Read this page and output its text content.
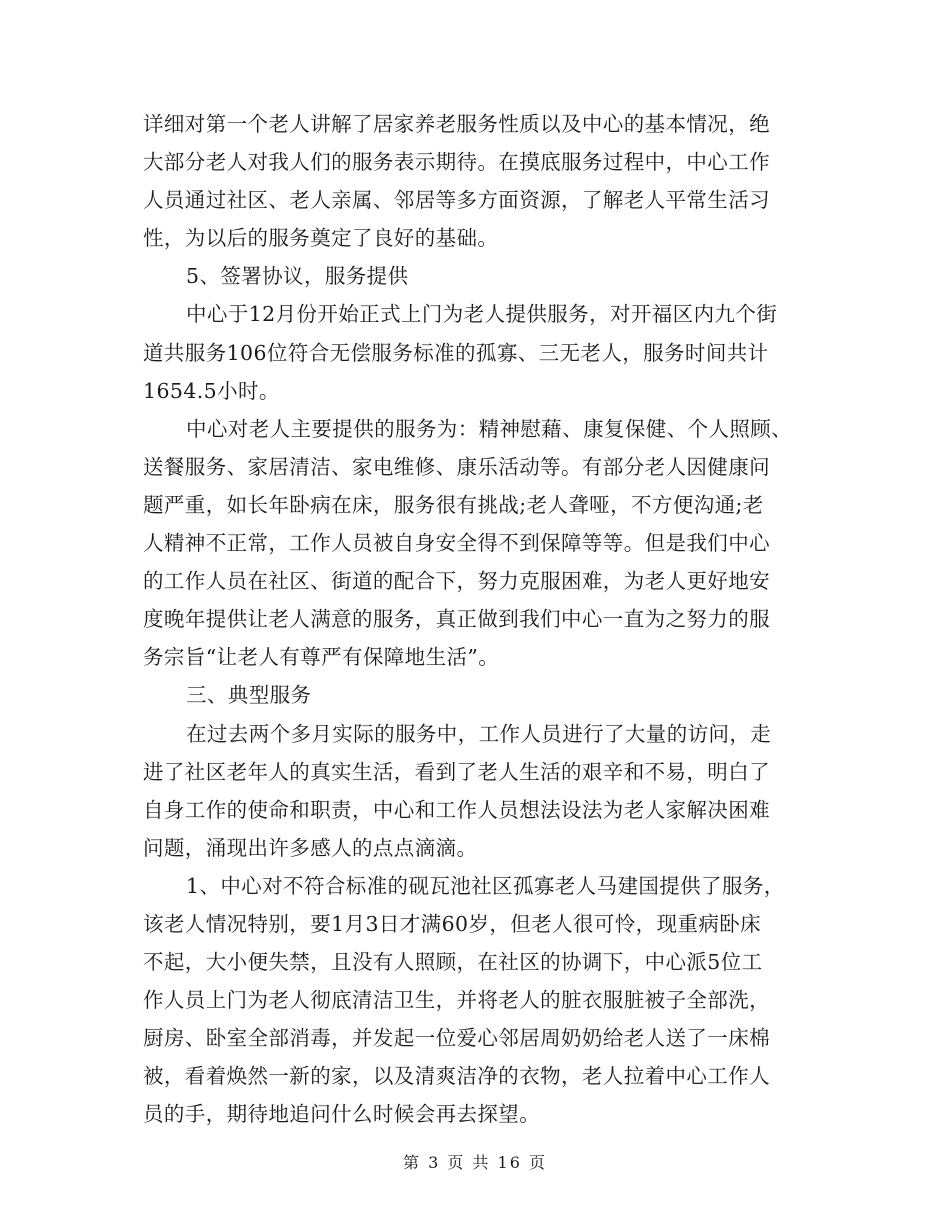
详细对第一个老人讲解了居家养老服务性质以及中心的基本情况，绝
大部分老人对我人们的服务表示期待。在摸底服务过程中，中心工作
人员通过社区、老人亲属、邻居等多方面资源，了解老人平常生活习
性，为以后的服务奠定了良好的基础。
5、签署协议，服务提供
中心于12月份开始正式上门为老人提供服务，对开福区内九个街
道共服务106位符合无偿服务标准的孤寡、三无老人，服务时间共计
1654.5小时。
中心对老人主要提供的服务为：精神慰藉、康复保健、个人照顾、
送餐服务、家居清洁、家电维修、康乐活动等。有部分老人因健康问
题严重，如长年卧病在床，服务很有挑战;老人聋哑，不方便沟通;老
人精神不正常，工作人员被自身安全得不到保障等等。但是我们中心
的工作人员在社区、街道的配合下，努力克服困难，为老人更好地安
度晚年提供让老人满意的服务，真正做到我们中心一直为之努力的服
务宗旨“让老人有尊严有保障地生活”。
三、典型服务
在过去两个多月实际的服务中，工作人员进行了大量的访问，走
进了社区老年人的真实生活，看到了老人生活的艰辛和不易，明白了
自身工作的使命和职责，中心和工作人员想法设法为老人家解决困难
问题，涌现出许多感人的点点滴滴。
1、中心对不符合标准的砚瓦池社区孤寡老人马建国提供了服务，
该老人情况特别，要1月3日才满60岁，但老人很可怜，现重病卧床
不起，大小便失禁，且没有人照顾，在社区的协调下，中心派5位工
作人员上门为老人彻底清洁卫生，并将老人的脏衣服脏被子全部洗，
厨房、卧室全部消毒，并发起一位爱心邻居周奶奶给老人送了一床棉
被，看着焕然一新的家，以及清爽洁净的衣物，老人拉着中心工作人
员的手，期待地追问什么时候会再去探望。
第 3 页 共 16 页
